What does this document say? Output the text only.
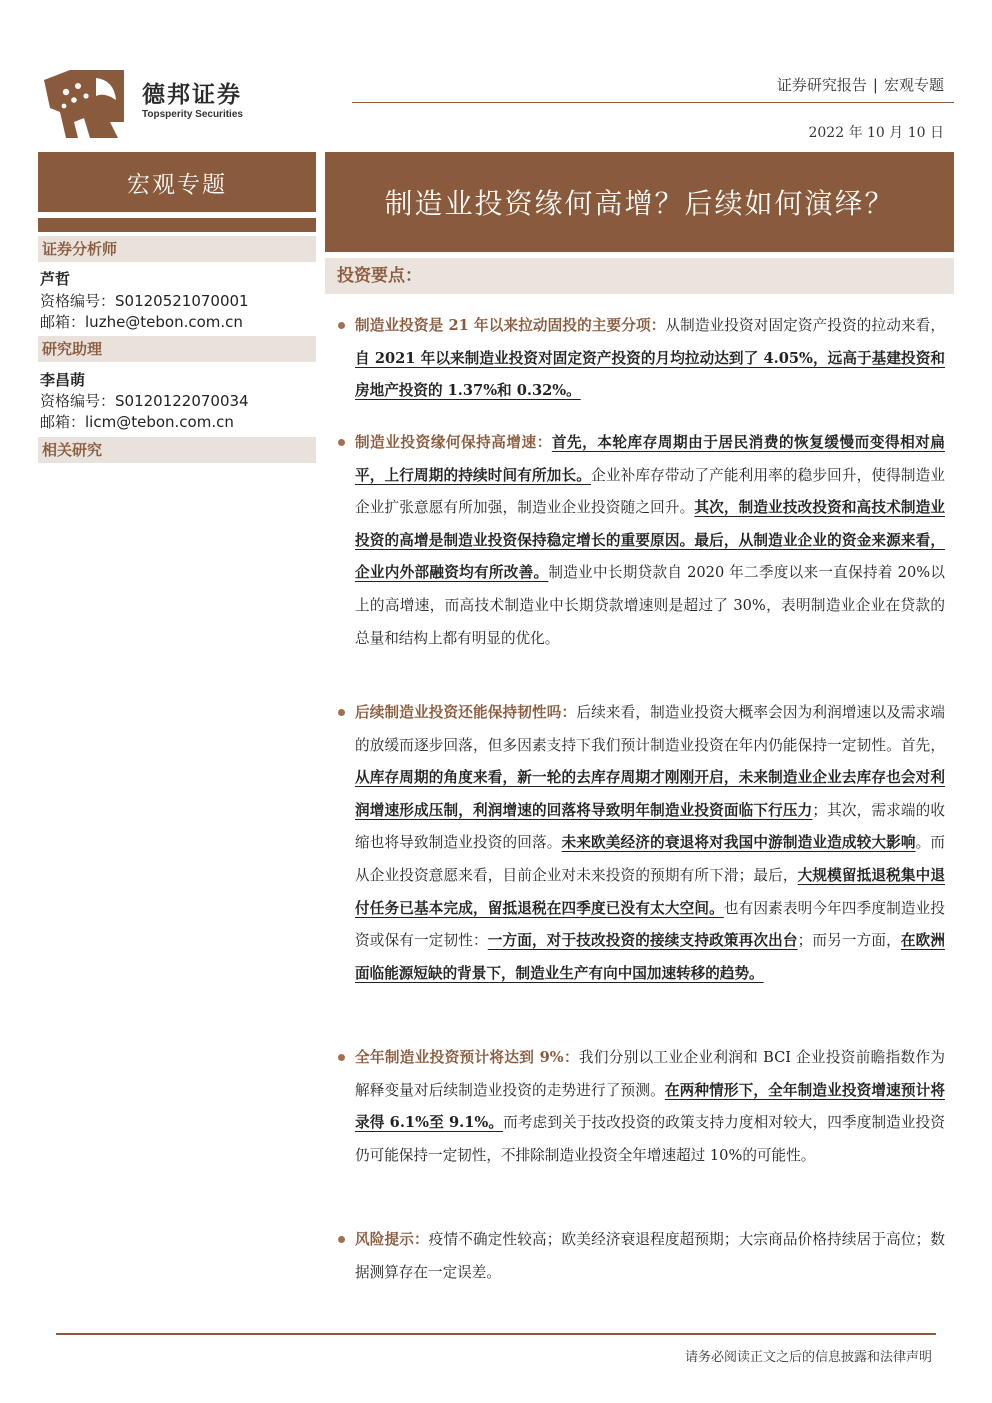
德邦证券
Topsperity Securities
证券研究报告 | 宏观专题
2022 年 10 月 10 日
宏观专题
制造业投资缘何高增？后续如何演绎？
证券分析师
芦哲
资格编号：S0120521070001
邮箱：luzhe@tebon.com.cn
研究助理
李昌萌
资格编号：S0120122070034
邮箱：licm@tebon.com.cn
相关研究
投资要点：
制造业投资是 21 年以来拉动固投的主要分项：从制造业投资对固定资产投资的拉动来看，自 2021 年以来制造业投资对固定资产投资的月均拉动达到了 4.05%，远高于基建投资和房地产投资的 1.37%和 0.32%。
制造业投资缘何保持高增速：首先，本轮库存周期由于居民消费的恢复缓慢而变得相对扁平，上行周期的持续时间有所加长。企业补库存带动了产能利用率的稳步回升，使得制造业企业扩张意愿有所加强，制造业企业投资随之回升。其次，制造业技改投资和高技术制造业投资的高增是制造业投资保持稳定增长的重要原因。最后，从制造业企业的资金来源来看，企业内外部融资均有所改善。制造业中长期贷款自 2020 年二季度以来一直保持着 20%以上的高增速，而高技术制造业中长期贷款增速则是超过了 30%，表明制造业企业在贷款的总量和结构上都有明显的优化。
后续制造业投资还能保持韧性吗：后续来看，制造业投资大概率会因为利润增速以及需求端的放缓而逐步回落，但多因素支持下我们预计制造业投资在年内仍能保持一定韧性。首先，从库存周期的角度来看，新一轮的去库存周期才刚刚开启，未来制造业企业去库存也会对利润增速形成压制，利润增速的回落将导致明年制造业投资面临下行压力；其次，需求端的收缩也将导致制造业投资的回落。未来欧美经济的衰退将对我国中游制造业造成较大影响。而从企业投资意愿来看，目前企业对未来投资的预期有所下滑；最后，大规模留抵退税集中退付任务已基本完成，留抵退税在四季度已没有太大空间。也有因素表明今年四季度制造业投资或保有一定韧性：一方面，对于技改投资的接续支持政策再次出台；而另一方面，在欧洲面临能源短缺的背景下，制造业生产有向中国加速转移的趋势。
全年制造业投资预计将达到 9%：我们分别以工业企业利润和 BCI 企业投资前瞻指数作为解释变量对后续制造业投资的走势进行了预测。在两种情形下，全年制造业投资增速预计将录得 6.1%至 9.1%。而考虑到关于技改投资的政策支持力度相对较大，四季度制造业投资仍可能保持一定韧性，不排除制造业投资全年增速超过 10%的可能性。
风险提示：疫情不确定性较高；欧美经济衰退程度超预期；大宗商品价格持续居于高位；数据测算存在一定误差。
请务必阅读正文之后的信息披露和法律声明
